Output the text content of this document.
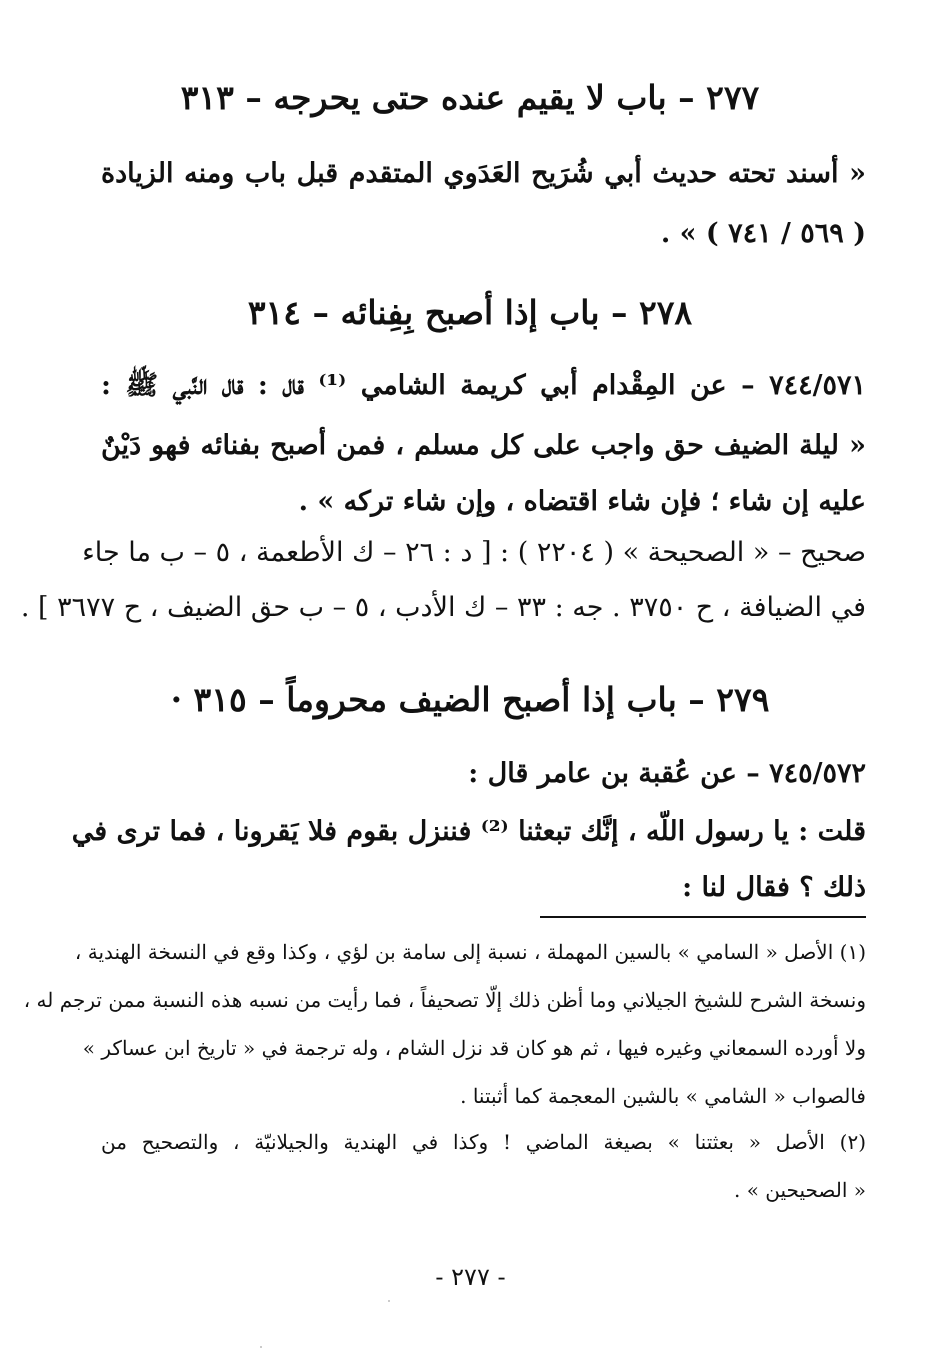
٢٧٧ – باب لا يقيم عنده حتى يحرجه – ٣١٣

« أسند تحته حديث أبي شُرَيح العَدَوي المتقدم قبل باب ومنه الزيادة

( ٥٦٩ / ٧٤١ ) » .

٢٧٨ – باب إذا أصبح بِفِنائه – ٣١٤

٧٤٤/٥٧١ – عن المِقْدام أبي كريمة الشامي ⁽¹⁾ قال : قال النَّبي ﷺ :

« ليلة الضيف حق واجب على كل مسلم ، فمن أصبح بفنائه فهو دَيْنٌ

عليه إن شاء ؛ فإن شاء اقتضاه ، وإن شاء تركه » .

صحيح – « الصحيحة » ( ٢٢٠٤ ) : [ د : ٢٦ – ك الأطعمة ، ٥ – ب ما جاء

في الضيافة ، ح ٣٧٥٠ . جه : ٣٣ – ك الأدب ، ٥ – ب حق الضيف ، ح ٣٦٧٧ ] .

٢٧٩ – باب إذا أصبح الضيف محروماً – ٣١٥ ·

٧٤٥/٥٧٢ – عن عُقبة بن عامر قال :

قلت : يا رسول اللّه ، إنَّك تبعثنا ⁽²⁾ فننزل بقوم فلا يَقرونا ، فما ترى في

ذلك ؟ فقال لنا :

(١) الأصل « السامي » بالسين المهملة ، نسبة إلى سامة بن لؤي ، وكذا وقع في النسخة الهندية ،

ونسخة الشرح للشيخ الجيلاني وما أظن ذلك إلّا تصحيفاً ، فما رأيت من نسبه هذه النسبة ممن ترجم له ،

ولا أورده السمعاني وغيره فيها ، ثم هو كان قد نزل الشام ، وله ترجمة في « تاريخ ابن عساكر »

فالصواب « الشامي » بالشين المعجمة كما أثبتنا .

(٢) الأصل « بعثتنا » بصيغة الماضي ! وكذا في الهندية والجيلانيّة ، والتصحيح من

« الصحيحين » .

- ٢٧٧ -
